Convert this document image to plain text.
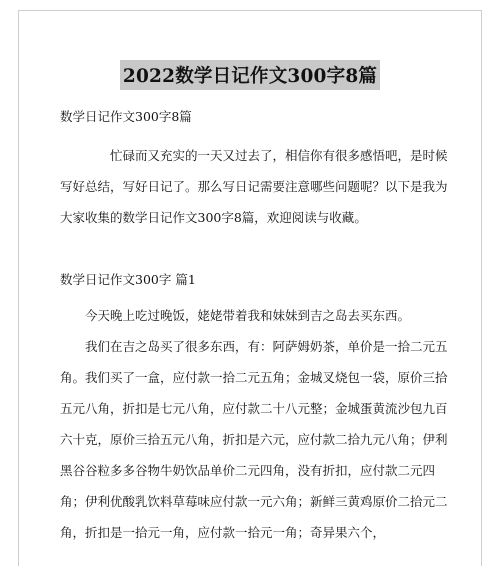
2022数学日记作文300字8篇

数学日记作文300字8篇

忙碌而又充实的一天又过去了，相信你有很多感悟吧，是时候写好总结，写好日记了。那么写日记需要注意哪些问题呢？以下是我为大家收集的数学日记作文300字8篇，欢迎阅读与收藏。

数学日记作文300字 篇1

今天晚上吃过晚饭，姥姥带着我和妹妹到吉之岛去买东西。

我们在吉之岛买了很多东西，有：阿萨姆奶茶，单价是一拾二元五角。我们买了一盒，应付款一拾二元五角；金城叉烧包一袋，原价三拾五元八角，折扣是七元八角，应付款二十八元整；金城蛋黄流沙包九百六十克，原价三拾五元八角，折扣是六元，应付款二拾九元八角；伊利黑谷谷粒多多谷物牛奶饮品单价二元四角，没有折扣，应付款二元四角；伊利优酸乳饮料草莓味应付款一元六角；新鲜三黄鸡原价二拾元二角，折扣是一拾元一角，应付款一拾元一角；奇异果六个，
